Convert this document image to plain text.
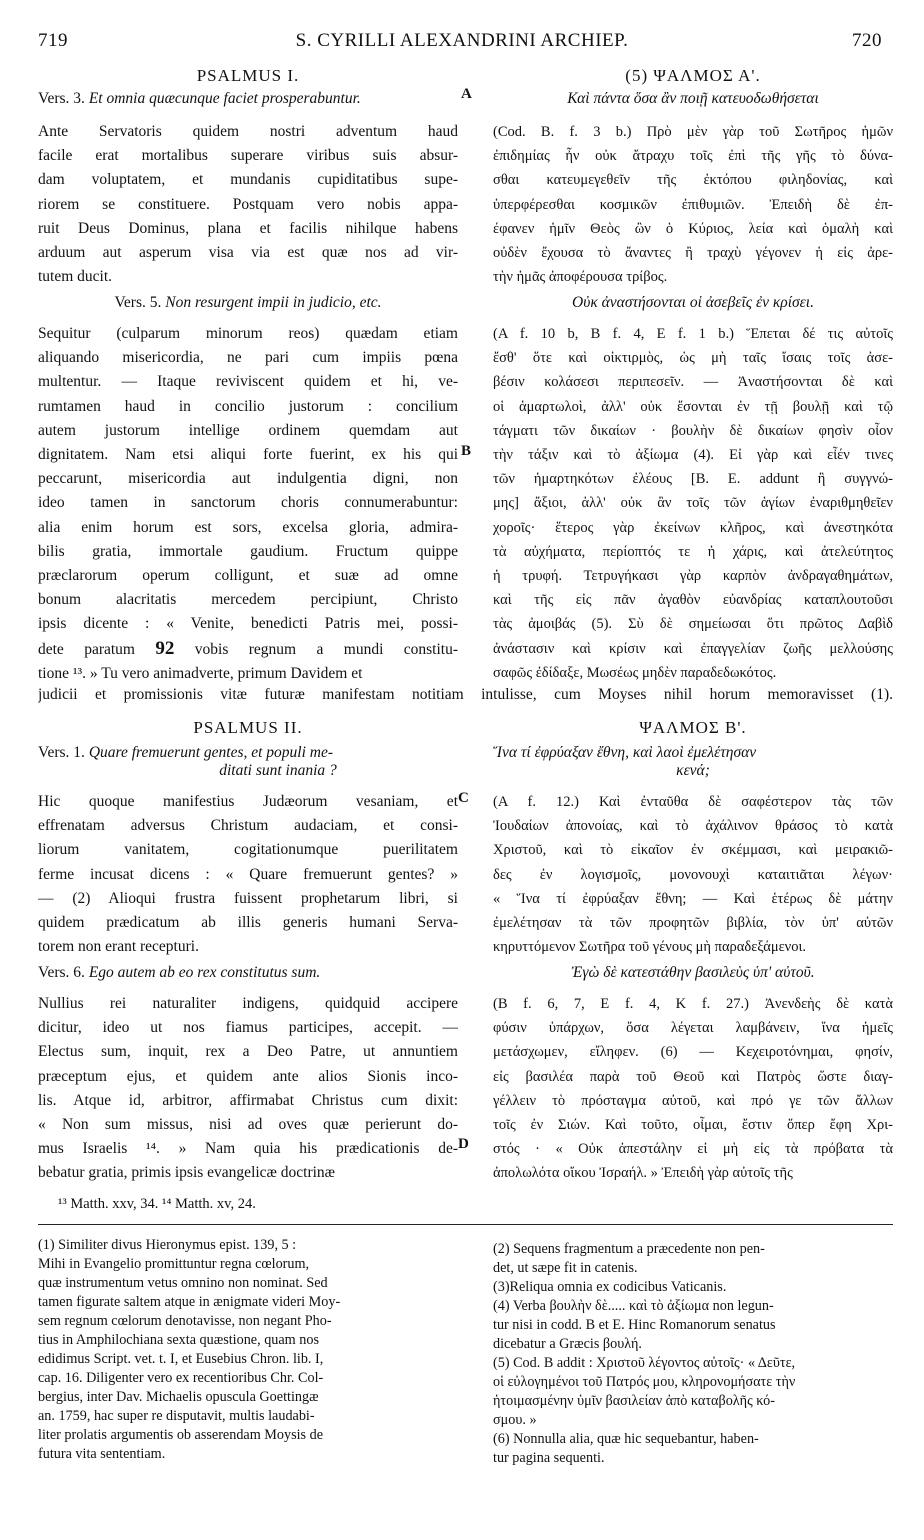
719	S. CYRILLI ALEXANDRINI ARCHIEP.	720

PSALMUS I.	(5) ΨΑΛΜΟΣ Α'.

A
B

Vers. 3. Et omnia quæcunque faciet prosperabuntur.	Καὶ πάντα ὅσα ἂν ποιῇ κατευοδωθήσεται

Ante Servatoris quidem nostri adventum haud
facile erat mortalibus superare viribus suis absur-
dam voluptatem, et mundanis cupiditatibus supe-
riorem se constituere. Postquam vero nobis appa-
ruit Deus Dominus, plana et facilis nihilque habens
arduum aut asperum visa via est quæ nos ad vir-
tutem ducit.
(Cod. B. f. 3 b.) Πρὸ μὲν γὰρ τοῦ Σωτῆρος ἡμῶν
ἐπιδημίας ἦν οὐκ ἄτραχυ τοῖς ἐπὶ τῆς γῆς τὸ δύνα-
σθαι κατευμεγεθεῖν τῆς ἐκτόπου φιληδονίας, καὶ
ὑπερφέρεσθαι κοσμικῶν ἐπιθυμιῶν. Ἐπειδὴ δὲ ἐπ-
έφανεν ἡμῖν Θεὸς ὢν ὁ Κύριος, λεία καὶ ὁμαλὴ καὶ
οὐδὲν ἔχουσα τὸ ἄναντες ἢ τραχὺ γέγονεν ἡ εἰς ἀρε-
τὴν ἡμᾶς ἀποφέρουσα τρίβος.

Vers. 5. Non resurgent impii in judicio, etc.	Οὐκ ἀναστήσονται οἱ ἀσεβεῖς ἐν κρίσει.

Sequitur (culparum minorum reos) quædam etiam
aliquando misericordia, ne pari cum impiis pœna
multentur. — Itaque reviviscent quidem et hi, ve-
rumtamen haud in concilio justorum : concilium
autem justorum intellige ordinem quemdam aut
dignitatem. Nam etsi aliqui forte fuerint, ex his qui
peccarunt, misericordia aut indulgentia digni, non
ideo tamen in sanctorum choris connumerabuntur:
alia enim horum est sors, excelsa gloria, admira-
bilis gratia, immortale gaudium. Fructum quippe
præclarorum operum colligunt, et suæ ad omne
bonum alacritatis mercedem percipiunt, Christo
ipsis dicente : « Venite, benedicti Patris mei, possi-
dete paratum 92 vobis regnum a mundi constitu-
tione ¹³. » Tu vero animadverte, primum Davidem et
(A f. 10 b, B f. 4, E f. 1 b.) Ἕπεται δέ τις αὐτοῖς
ἔσθ' ὅτε καὶ οἰκτιρμὸς, ὡς μὴ ταῖς ἴσαις τοῖς ἀσε-
βέσιν κολάσεσι περιπεσεῖν. — Ἀναστήσονται δὲ καὶ
οἱ ἁμαρτωλοὶ, ἀλλ' οὐκ ἔσονται ἐν τῇ βουλῇ καὶ τῷ
τάγματι τῶν δικαίων · βουλὴν δὲ δικαίων φησὶν οἶον
τὴν τάξιν καὶ τὸ ἀξίωμα (4). Εἰ γὰρ καὶ εἶέν τινες
τῶν ἡμαρτηκότων ἐλέους [B. E. addunt ἢ συγγνώ-
μης] ἄξιοι, ἀλλ' οὐκ ἂν τοῖς τῶν ἁγίων ἐναριθμηθεῖεν
χοροῖς· ἕτερος γὰρ ἐκείνων κλῆρος, καὶ ἀνεστηκότα
τὰ αὐχήματα, περίοπτός τε ἡ χάρις, καὶ ἀτελεύτητος
ἡ τρυφή. Τετρυγήκασι γὰρ καρπὸν ἀνδραγαθημάτων,
καὶ τῆς εἰς πᾶν ἀγαθὸν εὐανδρίας καταπλουτοῦσι
τὰς ἀμοιβάς (5). Σὺ δὲ σημείωσαι ὅτι πρῶτος Δαβὶδ
ἀνάστασιν καὶ κρίσιν καὶ ἐπαγγελίαν ζωῆς μελλούσης
σαφῶς ἐδίδαξε, Μωσέως μηδὲν παραδεδωκότος.
judicii et promissionis vitæ futuræ manifestam notitiam intulisse, cum Moyses nihil horum memoravisset (1).

PSALMUS II.	ΨΑΛΜΟΣ Β'.

C
D

Vers. 1. Quare fremuerunt gentes, et populi me-

ditati sunt inania ?

Ἵνα τί ἐφρύαξαν ἔθνη, καὶ λαοὶ ἐμελέτησαν

κενά;

Hic quoque manifestius Judæorum vesaniam, et
effrenatam adversus Christum audaciam, et consi-
liorum vanitatem, cogitationumque puerilitatem
ferme incusat dicens : « Quare fremuerunt gentes? »
— (2) Alioqui frustra fuissent prophetarum libri, si
quidem prædicatum ab illis generis humani Serva-
torem non erant recepturi.
(A f. 12.) Καὶ ἐνταῦθα δὲ σαφέστερον τὰς τῶν
Ἰουδαίων ἀπονοίας, καὶ τὸ ἀχάλινον θράσος τὸ κατὰ
Χριστοῦ, καὶ τὸ εἰκαῖον ἐν σκέμμασι, καὶ μειρακιῶ-
δες ἐν λογισμοῖς, μονονουχὶ καταιτιᾶται λέγων·
« Ἵνα τί ἐφρύαξαν ἔθνη; — Καὶ ἑτέρως δὲ μάτην
ἐμελέτησαν τὰ τῶν προφητῶν βιβλία, τὸν ὑπ' αὐτῶν
κηρυττόμενον Σωτῆρα τοῦ γένους μὴ παραδεξάμενοι.

Vers. 6. Ego autem ab eo rex constitutus sum.	Ἐγὼ δὲ κατεστάθην βασιλεὺς ὑπ' αὐτοῦ.

Nullius rei naturaliter indigens, quidquid accipere
dicitur, ideo ut nos fiamus participes, accepit. —
Electus sum, inquit, rex a Deo Patre, ut annuntiem
præceptum ejus, et quidem ante alios Sionis inco-
lis. Atque id, arbitror, affirmabat Christus cum dixit:
« Non sum missus, nisi ad oves quæ perierunt do-
mus Israelis ¹⁴. » Nam quia his prædicationis de-
bebatur gratia, primis ipsis evangelicæ doctrinæ
(B f. 6, 7, E f. 4, K f. 27.) Ἀνενδεὴς δὲ κατὰ
φύσιν ὑπάρχων, ὅσα λέγεται λαμβάνειν, ἵνα ἡμεῖς
μετάσχωμεν, εἴληφεν. (6) — Κεχειροτόνημαι, φησίν,
εἰς βασιλέα παρὰ τοῦ Θεοῦ καὶ Πατρὸς ὥστε διαγ-
γέλλειν τὸ πρόσταγμα αὐτοῦ, καὶ πρό γε τῶν ἄλλων
τοῖς ἐν Σιών. Καὶ τοῦτο, οἶμαι, ἔστιν ὅπερ ἔφη Χρι-
στός · « Οὐκ ἀπεστάλην εἰ μὴ εἰς τὰ πρόβατα τὰ
ἀπολωλότα οἴκου Ἰσραήλ. » Ἐπειδὴ γὰρ αὐτοῖς τῆς
¹³ Matth. xxv, 34. ¹⁴ Matth. xv, 24.
(1) Similiter divus Hieronymus epist. 139, 5 :
Mihi in Evangelio promittuntur regna cœlorum,
quæ instrumentum vetus omnino non nominat. Sed
tamen figurate saltem atque in ænigmate videri Moy-
sem regnum cœlorum denotavisse, non negant Pho-
tius in Amphilochiana sexta quæstione, quam nos
edidimus Script. vet. t. I, et Eusebius Chron. lib. I,
cap. 16. Diligenter vero ex recentioribus Chr. Col-
bergius, inter Dav. Michaelis opuscula Goettingæ
an. 1759, hac super re disputavit, multis laudabi-
liter prolatis argumentis ob asserendam Moysis de
futura vita sententiam.
(2) Sequens fragmentum a præcedente non pen-
det, ut sæpe fit in catenis.
(3)Reliqua omnia ex codicibus Vaticanis.
(4) Verba βουλὴν δὲ..... καὶ τὸ ἀξίωμα non legun-
tur nisi in codd. B et E. Hinc Romanorum senatus
dicebatur a Græcis βουλή.
(5) Cod. B addit : Χριστοῦ λέγοντος αὐτοῖς· « Δεῦτε,
οἱ εὐλογημένοι τοῦ Πατρός μου, κληρονομήσατε τὴν
ἡτοιμασμένην ὑμῖν βασιλείαν ἀπὸ καταβολῆς κό-
σμου. »
(6) Nonnulla alia, quæ hic sequebantur, haben-
tur pagina sequenti.
